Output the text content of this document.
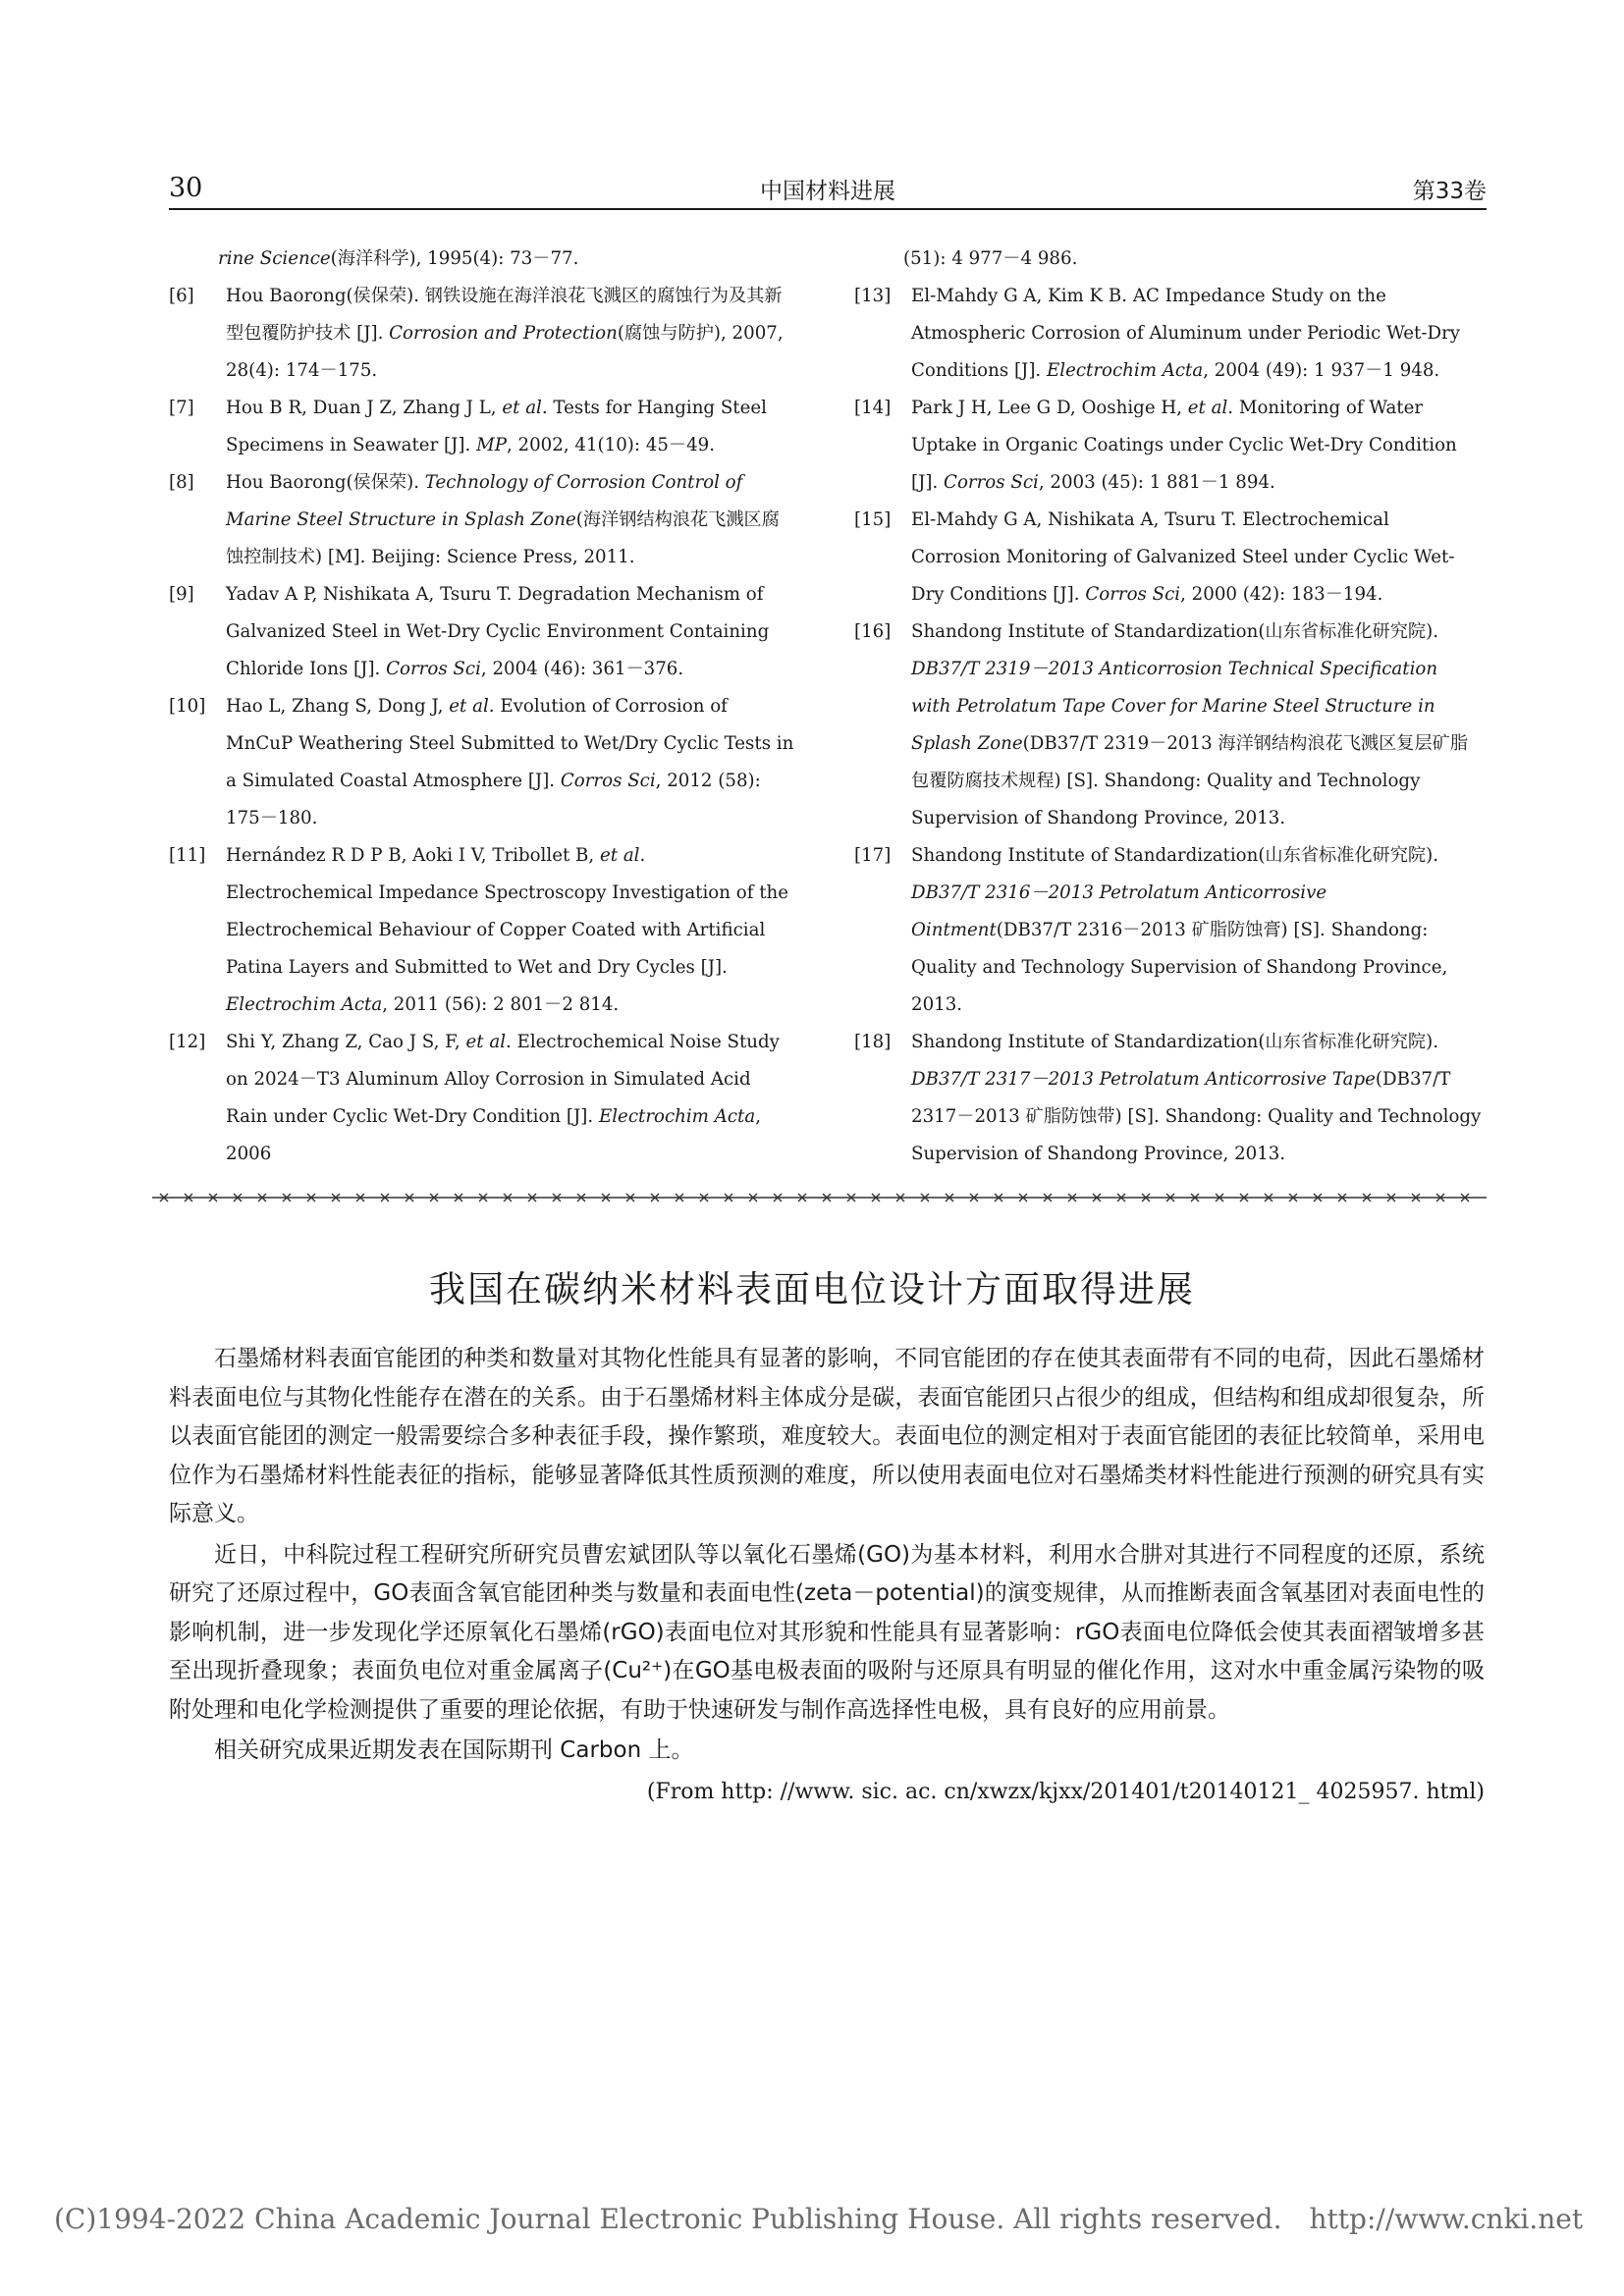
30	中国材料进展	第33卷
rine Science(海洋科学), 1995(4): 73－77.
[6] Hou Baorong(侯保荣). 钢铁设施在海洋浪花飞溅区的腐蚀行为及其新型包覆防护技术 [J]. Corrosion and Protection(腐蚀与防护), 2007, 28(4): 174－175.
[7] Hou B R, Duan J Z, Zhang J L, et al. Tests for Hanging Steel Specimens in Seawater [J]. MP, 2002, 41(10): 45－49.
[8] Hou Baorong(侯保荣). Technology of Corrosion Control of Marine Steel Structure in Splash Zone(海洋钢结构浪花飞溅区腐蚀控制技术) [M]. Beijing: Science Press, 2011.
[9] Yadav A P, Nishikata A, Tsuru T. Degradation Mechanism of Galvanized Steel in Wet-Dry Cyclic Environment Containing Chloride Ions [J]. Corros Sci, 2004 (46): 361－376.
[10] Hao L, Zhang S, Dong J, et al. Evolution of Corrosion of MnCuP Weathering Steel Submitted to Wet/Dry Cyclic Tests in a Simulated Coastal Atmosphere [J]. Corros Sci, 2012 (58): 175－180.
[11] Hernández R D P B, Aoki I V, Tribollet B, et al. Electrochemical Impedance Spectroscopy Investigation of the Electrochemical Behaviour of Copper Coated with Artificial Patina Layers and Submitted to Wet and Dry Cycles [J]. Electrochim Acta, 2011 (56): 2 801－2 814.
[12] Shi Y, Zhang Z, Cao J S, F, et al. Electrochemical Noise Study on 2024－T3 Aluminum Alloy Corrosion in Simulated Acid Rain under Cyclic Wet-Dry Condition [J]. Electrochim Acta, 2006
(51): 4 977－4 986.
[13] El-Mahdy G A, Kim K B. AC Impedance Study on the Atmospheric Corrosion of Aluminum under Periodic Wet-Dry Conditions [J]. Electrochim Acta, 2004 (49): 1 937－1 948.
[14] Park J H, Lee G D, Ooshige H, et al. Monitoring of Water Uptake in Organic Coatings under Cyclic Wet-Dry Condition [J]. Corros Sci, 2003 (45): 1 881－1 894.
[15] El-Mahdy G A, Nishikata A, Tsuru T. Electrochemical Corrosion Monitoring of Galvanized Steel under Cyclic Wet-Dry Conditions [J]. Corros Sci, 2000 (42): 183－194.
[16] Shandong Institute of Standardization(山东省标准化研究院). DB37/T 2319－2013 Anticorrosion Technical Specification with Petrolatum Tape Cover for Marine Steel Structure in Splash Zone(DB37/T 2319－2013 海洋钢结构浪花飞溅区复层矿脂包覆防腐技术规程) [S]. Shandong: Quality and Technology Supervision of Shandong Province, 2013.
[17] Shandong Institute of Standardization(山东省标准化研究院). DB37/T 2316－2013 Petrolatum Anticorrosive Ointment(DB37/T 2316－2013 矿脂防蚀膏) [S]. Shandong: Quality and Technology Supervision of Shandong Province, 2013.
[18] Shandong Institute of Standardization(山东省标准化研究院). DB37/T 2317－2013 Petrolatum Anticorrosive Tape(DB37/T 2317－2013 矿脂防蚀带) [S]. Shandong: Quality and Technology Supervision of Shandong Province, 2013.
我国在碳纳米材料表面电位设计方面取得进展

石墨烯材料表面官能团的种类和数量对其物化性能具有显著的影响，不同官能团的存在使其表面带有不同的电荷，因此石墨烯材料表面电位与其物化性能存在潜在的关系。由于石墨烯材料主体成分是碳，表面官能团只占很少的组成，但结构和组成却很复杂，所以表面官能团的测定一般需要综合多种表征手段，操作繁琐，难度较大。表面电位的测定相对于表面官能团的表征比较简单，采用电位作为石墨烯材料性能表征的指标，能够显著降低其性质预测的难度，所以使用表面电位对石墨烯类材料性能进行预测的研究具有实际意义。

近日，中科院过程工程研究所研究员曹宏斌团队等以氧化石墨烯(GO)为基本材料，利用水合肼对其进行不同程度的还原，系统研究了还原过程中，GO表面含氧官能团种类与数量和表面电性(zeta－potential)的演变规律，从而推断表面含氧基团对表面电性的影响机制，进一步发现化学还原氧化石墨烯(rGO)表面电位对其形貌和性能具有显著影响：rGO表面电位降低会使其表面褶皱增多甚至出现折叠现象；表面负电位对重金属离子(Cu²⁺)在GO基电极表面的吸附与还原具有明显的催化作用，这对水中重金属污染物的吸附处理和电化学检测提供了重要的理论依据，有助于快速研发与制作高选择性电极，具有良好的应用前景。

相关研究成果近期发表在国际期刊 Carbon 上。

(From http: //www. sic. ac. cn/xwzx/kjxx/201401/t20140121_ 4025957. html)

(C)1994-2022 China Academic Journal Electronic Publishing House. All rights reserved. http://www.cnki.net
